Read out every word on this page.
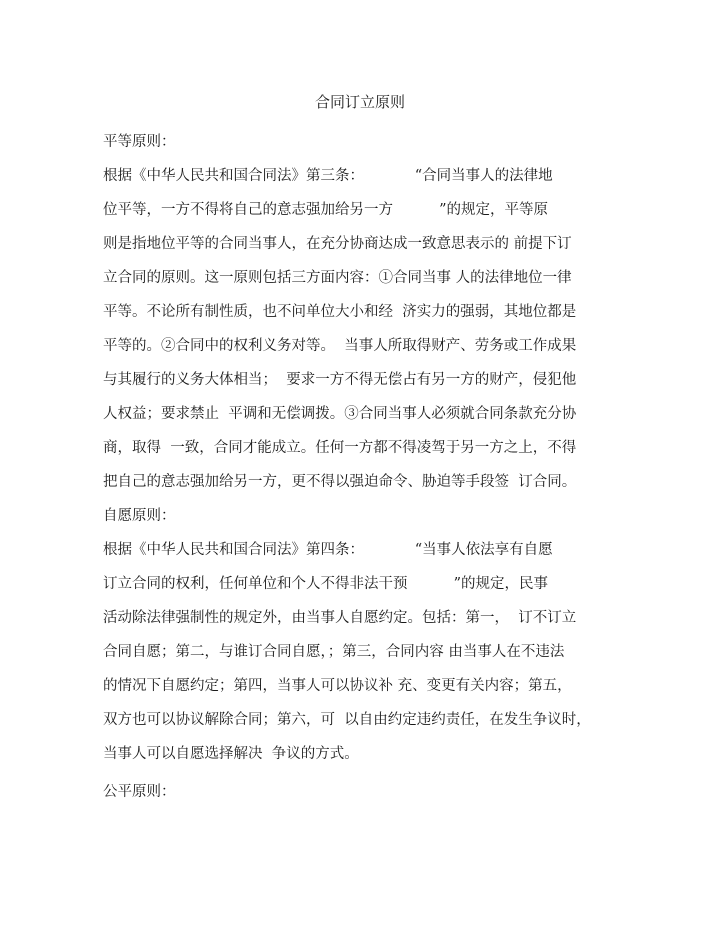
合同订立原则
平等原则：
根据《中华人民共和国合同法》第三条：           “合同当事人的法律地
位平等，一方不得将自己的意志强加给另一方          ”的规定，平等原
则是指地位平等的合同当事人，在充分协商达成一致意思表示的 前提下订
立合同的原则。这一原则包括三方面内容：①合同当事 人的法律地位一律
平等。不论所有制性质，也不问单位大小和经  济实力的强弱，其地位都是
平等的。②合同中的权利义务对等。  当事人所取得财产、劳务或工作成果
与其履行的义务大体相当；  要求一方不得无偿占有另一方的财产，侵犯他
人权益；要求禁止  平调和无偿调拨。③合同当事人必须就合同条款充分协
商，取得  一致，合同才能成立。任何一方都不得凌驾于另一方之上，不得
把自己的意志强加给另一方，更不得以强迫命令、胁迫等手段签  订合同。
自愿原则：
根据《中华人民共和国合同法》第四条：           “当事人依法享有自愿
订立合同的权利，任何单位和个人不得非法干预          ”的规定，民事
活动除法律强制性的规定外，由当事人自愿约定。包括：第一，  订不订立
合同自愿；第二，与谁订合同自愿，；第三，合同内容 由当事人在不违法
的情况下自愿约定；第四，当事人可以协议补 充、变更有关内容；第五，
双方也可以协议解除合同；第六，可  以自由约定违约责任，在发生争议时，
当事人可以自愿选择解决  争议的方式。
公平原则：
